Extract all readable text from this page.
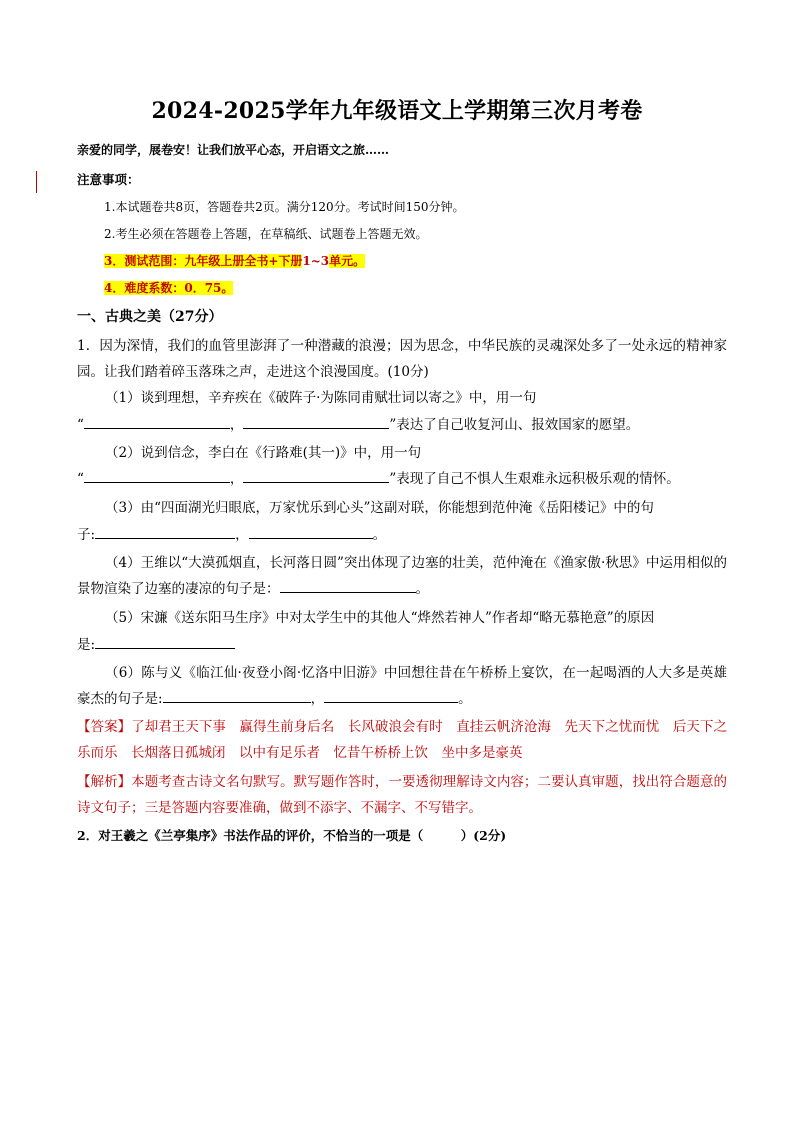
2024-2025学年九年级语文上学期第三次月考卷
亲爱的同学，展卷安！让我们放平心态，开启语文之旅……
注意事项：
1.本试题卷共8页，答题卷共2页。满分120分。考试时间150分钟。
2.考生必须在答题卷上答题，在草稿纸、试题卷上答题无效。
3．测试范围：九年级上册全书+下册1~3单元。
4．难度系数：0．75。
一、古典之美（27分）
1．因为深情，我们的血管里澎湃了一种潜藏的浪漫；因为思念，中华民族的灵魂深处多了一处永远的精神家园。让我们踏着碎玉落珠之声，走进这个浪漫国度。(10分)
（1）谈到理想，辛弃疾在《破阵子·为陈同甫赋壮词以寄之》中，用一句
“	，	”表达了自己收复河山、报效国家的愿望。
（2）说到信念，李白在《行路难(其一)》中，用一句
“	，	”表现了自己不惧人生艰难永远积极乐观的情怀。
（3）由“四面湖光归眼底，万家忧乐到心头”这副对联，你能想到范仲淹《岳阳楼记》中的句
子:	，	。
（4）王维以“大漠孤烟直，长河落日圆”突出体现了边塞的壮美，范仲淹在《渔家傲·秋思》中运用相似的景物渲染了边塞的凄凉的句子是：	。
（5）宋濂《送东阳马生序》中对太学生中的其他人“烨然若神人”作者却“略无慕艳意”的原因
是:
（6）陈与义《临江仙·夜登小阁·忆洛中旧游》中回想往昔在午桥桥上宴饮，在一起喝酒的人大多是英雄豪杰的句子是:	，	。
【答案】了却君王天下事　赢得生前身后名　长风破浪会有时　直挂云帆济沧海　先天下之忧而忧　后天下之乐而乐　长烟落日孤城闭　以中有足乐者　忆昔午桥桥上饮　坐中多是豪英
【解析】本题考查古诗文名句默写。默写题作答时，一要透彻理解诗文内容；二要认真审题，找出符合题意的诗文句子；三是答题内容要准确，做到不添字、不漏字、不写错字。
2．对王羲之《兰亭集序》书法作品的评价，不恰当的一项是（　　　）(2分)
